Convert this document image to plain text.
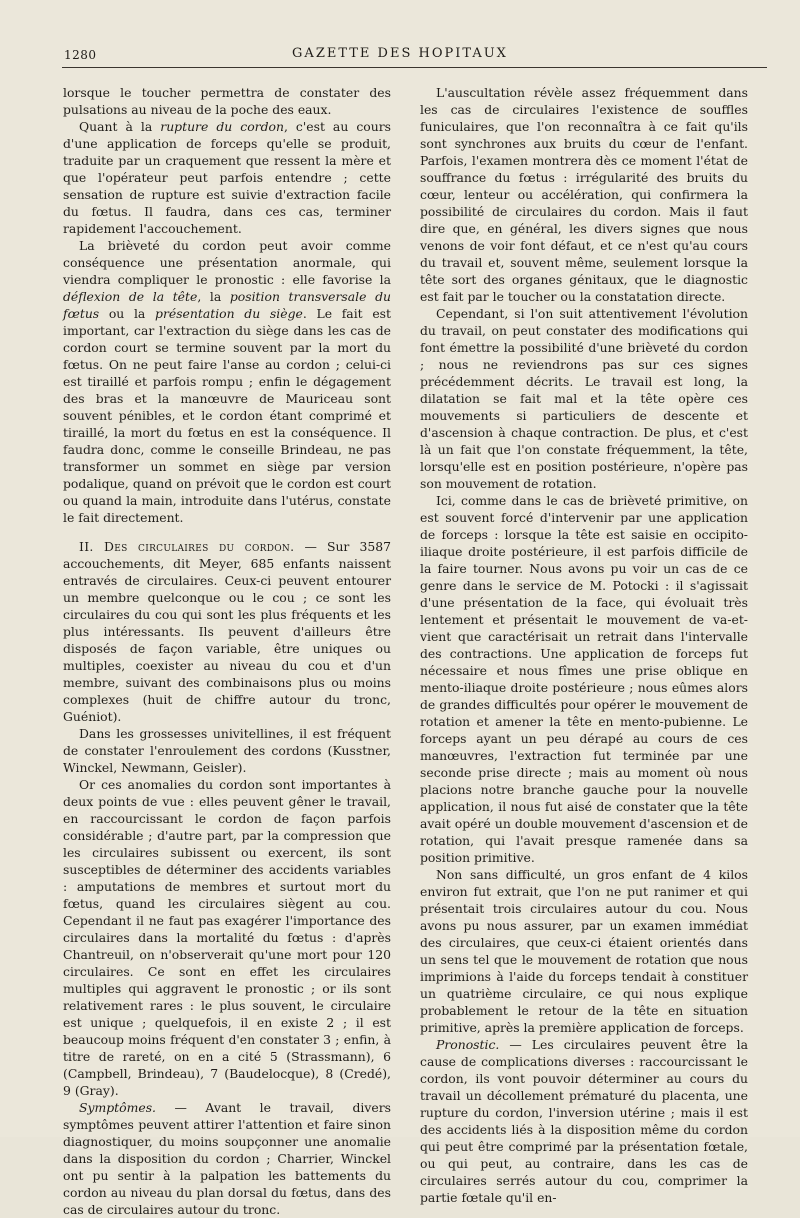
1280	GAZETTE DES HOPITAUX

lorsque le toucher permettra de constater des pulsations au niveau de la poche des eaux.

Quant à la rupture du cordon, c'est au cours d'une application de forceps qu'elle se produit, traduite par un craquement que ressent la mère et que l'opérateur peut parfois entendre ; cette sensation de rupture est suivie d'extraction facile du fœtus. Il faudra, dans ces cas, terminer rapidement l'accouchement.

La brièveté du cordon peut avoir comme conséquence une présentation anormale, qui viendra compliquer le pronostic : elle favorise la déflexion de la tête, la position transversale du fœtus ou la présentation du siège. Le fait est important, car l'extraction du siège dans les cas de cordon court se termine souvent par la mort du fœtus. On ne peut faire l'anse au cordon ; celui-ci est tiraillé et parfois rompu ; enfin le dégagement des bras et la manœuvre de Mauriceau sont souvent pénibles, et le cordon étant comprimé et tiraillé, la mort du fœtus en est la conséquence. Il faudra donc, comme le conseille Brindeau, ne pas transformer un sommet en siège par version podalique, quand on prévoit que le cordon est court ou quand la main, introduite dans l'utérus, constate le fait directement.

II. Des circulaires du cordon. — Sur 3587 accouchements, dit Meyer, 685 enfants naissent entravés de circulaires. Ceux-ci peuvent entourer un membre quelconque ou le cou ; ce sont les circulaires du cou qui sont les plus fréquents et les plus intéressants. Ils peuvent d'ailleurs être disposés de façon variable, être uniques ou multiples, coexister au niveau du cou et d'un membre, suivant des combinaisons plus ou moins complexes (huit de chiffre autour du tronc, Guéniot).

Dans les grossesses univitellines, il est fréquent de constater l'enroulement des cordons (Kusstner, Winckel, Newmann, Geisler).

Or ces anomalies du cordon sont importantes à deux points de vue : elles peuvent gêner le travail, en raccourcissant le cordon de façon parfois considérable ; d'autre part, par la compression que les circulaires subissent ou exercent, ils sont susceptibles de déterminer des accidents variables : amputations de membres et surtout mort du fœtus, quand les circulaires siègent au cou. Cependant il ne faut pas exagérer l'importance des circulaires dans la mortalité du fœtus : d'après Chantreuil, on n'observerait qu'une mort pour 120 circulaires. Ce sont en effet les circulaires multiples qui aggravent le pronostic ; or ils sont relativement rares : le plus souvent, le circulaire est unique ; quelquefois, il en existe 2 ; il est beaucoup moins fréquent d'en constater 3 ; enfin, à titre de rareté, on en a cité 5 (Strassmann), 6 (Campbell, Brindeau), 7 (Baudelocque), 8 (Credé), 9 (Gray).

Symptômes. — Avant le travail, divers symptômes peuvent attirer l'attention et faire sinon diagnostiquer, du moins soupçonner une anomalie dans la disposition du cordon ; Charrier, Winckel ont pu sentir à la palpation les battements du cordon au niveau du plan dorsal du fœtus, dans des cas de circulaires autour du tronc.

L'auscultation révèle assez fréquemment dans les cas de circulaires l'existence de souffles funiculaires, que l'on reconnaîtra à ce fait qu'ils sont synchrones aux bruits du cœur de l'enfant. Parfois, l'examen montrera dès ce moment l'état de souffrance du fœtus : irrégularité des bruits du cœur, lenteur ou accélération, qui confirmera la possibilité de circulaires du cordon. Mais il faut dire que, en général, les divers signes que nous venons de voir font défaut, et ce n'est qu'au cours du travail et, souvent même, seulement lorsque la tête sort des organes génitaux, que le diagnostic est fait par le toucher ou la constatation directe.

Cependant, si l'on suit attentivement l'évolution du travail, on peut constater des modifications qui font émettre la possibilité d'une brièveté du cordon ; nous ne reviendrons pas sur ces signes précédemment décrits. Le travail est long, la dilatation se fait mal et la tête opère ces mouvements si particuliers de descente et d'ascension à chaque contraction. De plus, et c'est là un fait que l'on constate fréquemment, la tête, lorsqu'elle est en position postérieure, n'opère pas son mouvement de rotation.

Ici, comme dans le cas de brièveté primitive, on est souvent forcé d'intervenir par une application de forceps : lorsque la tête est saisie en occipito-iliaque droite postérieure, il est parfois difficile de la faire tourner. Nous avons pu voir un cas de ce genre dans le service de M. Potocki : il s'agissait d'une présentation de la face, qui évoluait très lentement et présentait le mouvement de va-et-vient que caractérisait un retrait dans l'intervalle des contractions. Une application de forceps fut nécessaire et nous fîmes une prise oblique en mento-iliaque droite postérieure ; nous eûmes alors de grandes difficultés pour opérer le mouvement de rotation et amener la tête en mento-pubienne. Le forceps ayant un peu dérapé au cours de ces manœuvres, l'extraction fut terminée par une seconde prise directe ; mais au moment où nous placions notre branche gauche pour la nouvelle application, il nous fut aisé de constater que la tête avait opéré un double mouvement d'ascension et de rotation, qui l'avait presque ramenée dans sa position primitive.

Non sans difficulté, un gros enfant de 4 kilos environ fut extrait, que l'on ne put ranimer et qui présentait trois circulaires autour du cou. Nous avons pu nous assurer, par un examen immédiat des circulaires, que ceux-ci étaient orientés dans un sens tel que le mouvement de rotation que nous imprimions à l'aide du forceps tendait à constituer un quatrième circulaire, ce qui nous explique probablement le retour de la tête en situation primitive, après la première application de forceps.

Pronostic. — Les circulaires peuvent être la cause de complications diverses : raccourcissant le cordon, ils vont pouvoir déterminer au cours du travail un décollement prématuré du placenta, une rupture du cordon, l'inversion utérine ; mais il est des accidents liés à la disposition même du cordon qui peut être comprimé par la présentation fœtale, ou qui peut, au contraire, dans les cas de circulaires serrés autour du cou, comprimer la partie fœtale qu'il en-
